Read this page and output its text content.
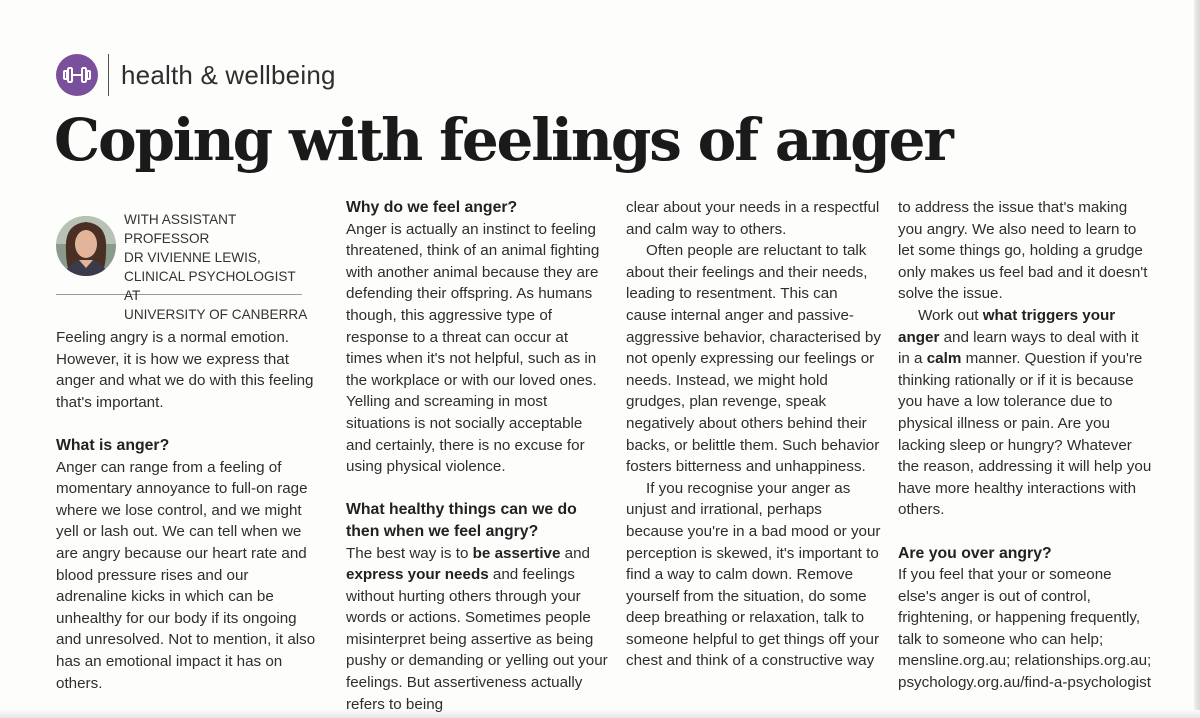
health & wellbeing
Coping with feelings of anger
WITH ASSISTANT PROFESSOR
DR VIVIENNE LEWIS,
CLINICAL PSYCHOLOGIST AT
UNIVERSITY OF CANBERRA

Feeling angry is a normal emotion. However, it is how we express that anger and what we do with this feeling that's important.

What is anger?

Anger can range from a feeling of momentary annoyance to full-on rage where we lose control, and we might yell or lash out. We can tell when we are angry because our heart rate and blood pressure rises and our adrenaline kicks in which can be unhealthy for our body if its ongoing and unresolved. Not to mention, it also has an emotional impact it has on others.

Why do we feel anger?

Anger is actually an instinct to feeling threatened, think of an animal fighting with another animal because they are defending their offspring. As humans though, this aggressive type of response to a threat can occur at times when it's not helpful, such as in the workplace or with our loved ones. Yelling and screaming in most situations is not socially acceptable and certainly, there is no excuse for using physical violence.

What healthy things can we do then when we feel angry?

The best way is to be assertive and express your needs and feelings without hurting others through your words or actions. Sometimes people misinterpret being assertive as being pushy or demanding or yelling out your feelings. But assertiveness actually refers to being

clear about your needs in a respectful and calm way to others.

Often people are reluctant to talk about their feelings and their needs, leading to resentment. This can cause internal anger and passive-aggressive behavior, characterised by not openly expressing our feelings or needs. Instead, we might hold grudges, plan revenge, speak negatively about others behind their backs, or belittle them. Such behavior fosters bitterness and unhappiness.

If you recognise your anger as unjust and irrational, perhaps because you're in a bad mood or your perception is skewed, it's important to find a way to calm down. Remove yourself from the situation, do some deep breathing or relaxation, talk to someone helpful to get things off your chest and think of a constructive way

to address the issue that's making you angry. We also need to learn to let some things go, holding a grudge only makes us feel bad and it doesn't solve the issue.

Work out what triggers your anger and learn ways to deal with it in a calm manner. Question if you're thinking rationally or if it is because you have a low tolerance due to physical illness or pain. Are you lacking sleep or hungry? Whatever the reason, addressing it will help you have more healthy interactions with others.

Are you over angry?

If you feel that your or someone else's anger is out of control, frightening, or happening frequently, talk to someone who can help; mensline.org.au; relationships.org.au; psychology.org.au/find-a-psychologist
